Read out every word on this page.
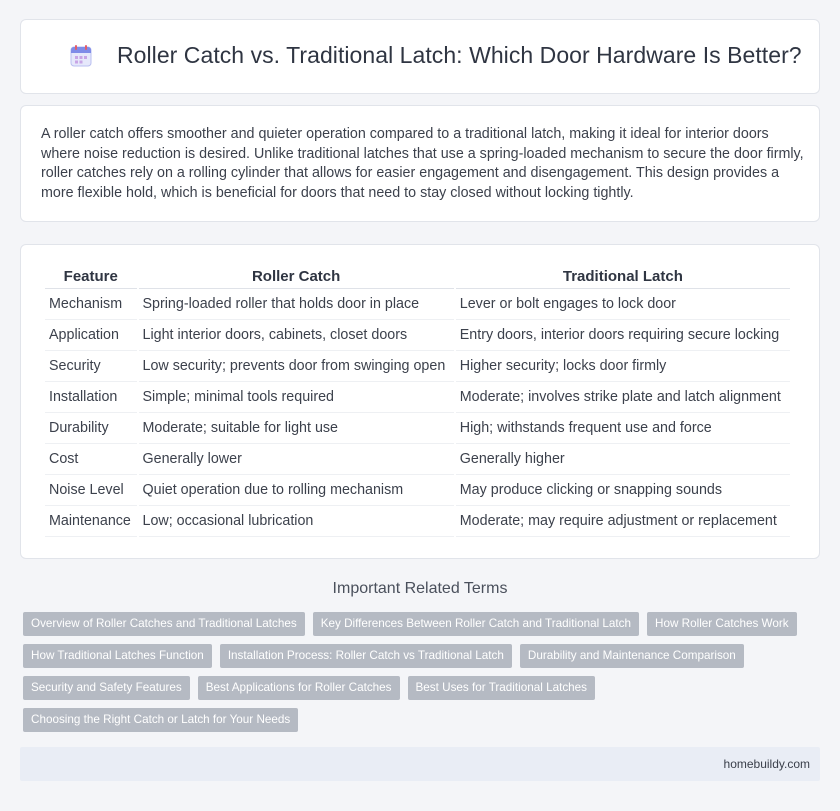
Roller Catch vs. Traditional Latch: Which Door Hardware Is Better?

A roller catch offers smoother and quieter operation compared to a traditional latch, making it ideal for interior doors where noise reduction is desired. Unlike traditional latches that use a spring-loaded mechanism to secure the door firmly, roller catches rely on a rolling cylinder that allows for easier engagement and disengagement. This design provides a more flexible hold, which is beneficial for doors that need to stay closed without locking tightly.

Feature	Roller Catch	Traditional Latch
Mechanism	Spring-loaded roller that holds door in place	Lever or bolt engages to lock door
Application	Light interior doors, cabinets, closet doors	Entry doors, interior doors requiring secure locking
Security	Low security; prevents door from swinging open	Higher security; locks door firmly
Installation	Simple; minimal tools required	Moderate; involves strike plate and latch alignment
Durability	Moderate; suitable for light use	High; withstands frequent use and force
Cost	Generally lower	Generally higher
Noise Level	Quiet operation due to rolling mechanism	May produce clicking or snapping sounds
Maintenance	Low; occasional lubrication	Moderate; may require adjustment or replacement
Important Related Terms
Overview of Roller Catches and Traditional Latches	Key Differences Between Roller Catch and Traditional Latch	How Roller Catches Work
How Traditional Latches Function	Installation Process: Roller Catch vs Traditional Latch	Durability and Maintenance Comparison
Security and Safety Features	Best Applications for Roller Catches	Best Uses for Traditional Latches
Choosing the Right Catch or Latch for Your Needs
homebuildy.com
